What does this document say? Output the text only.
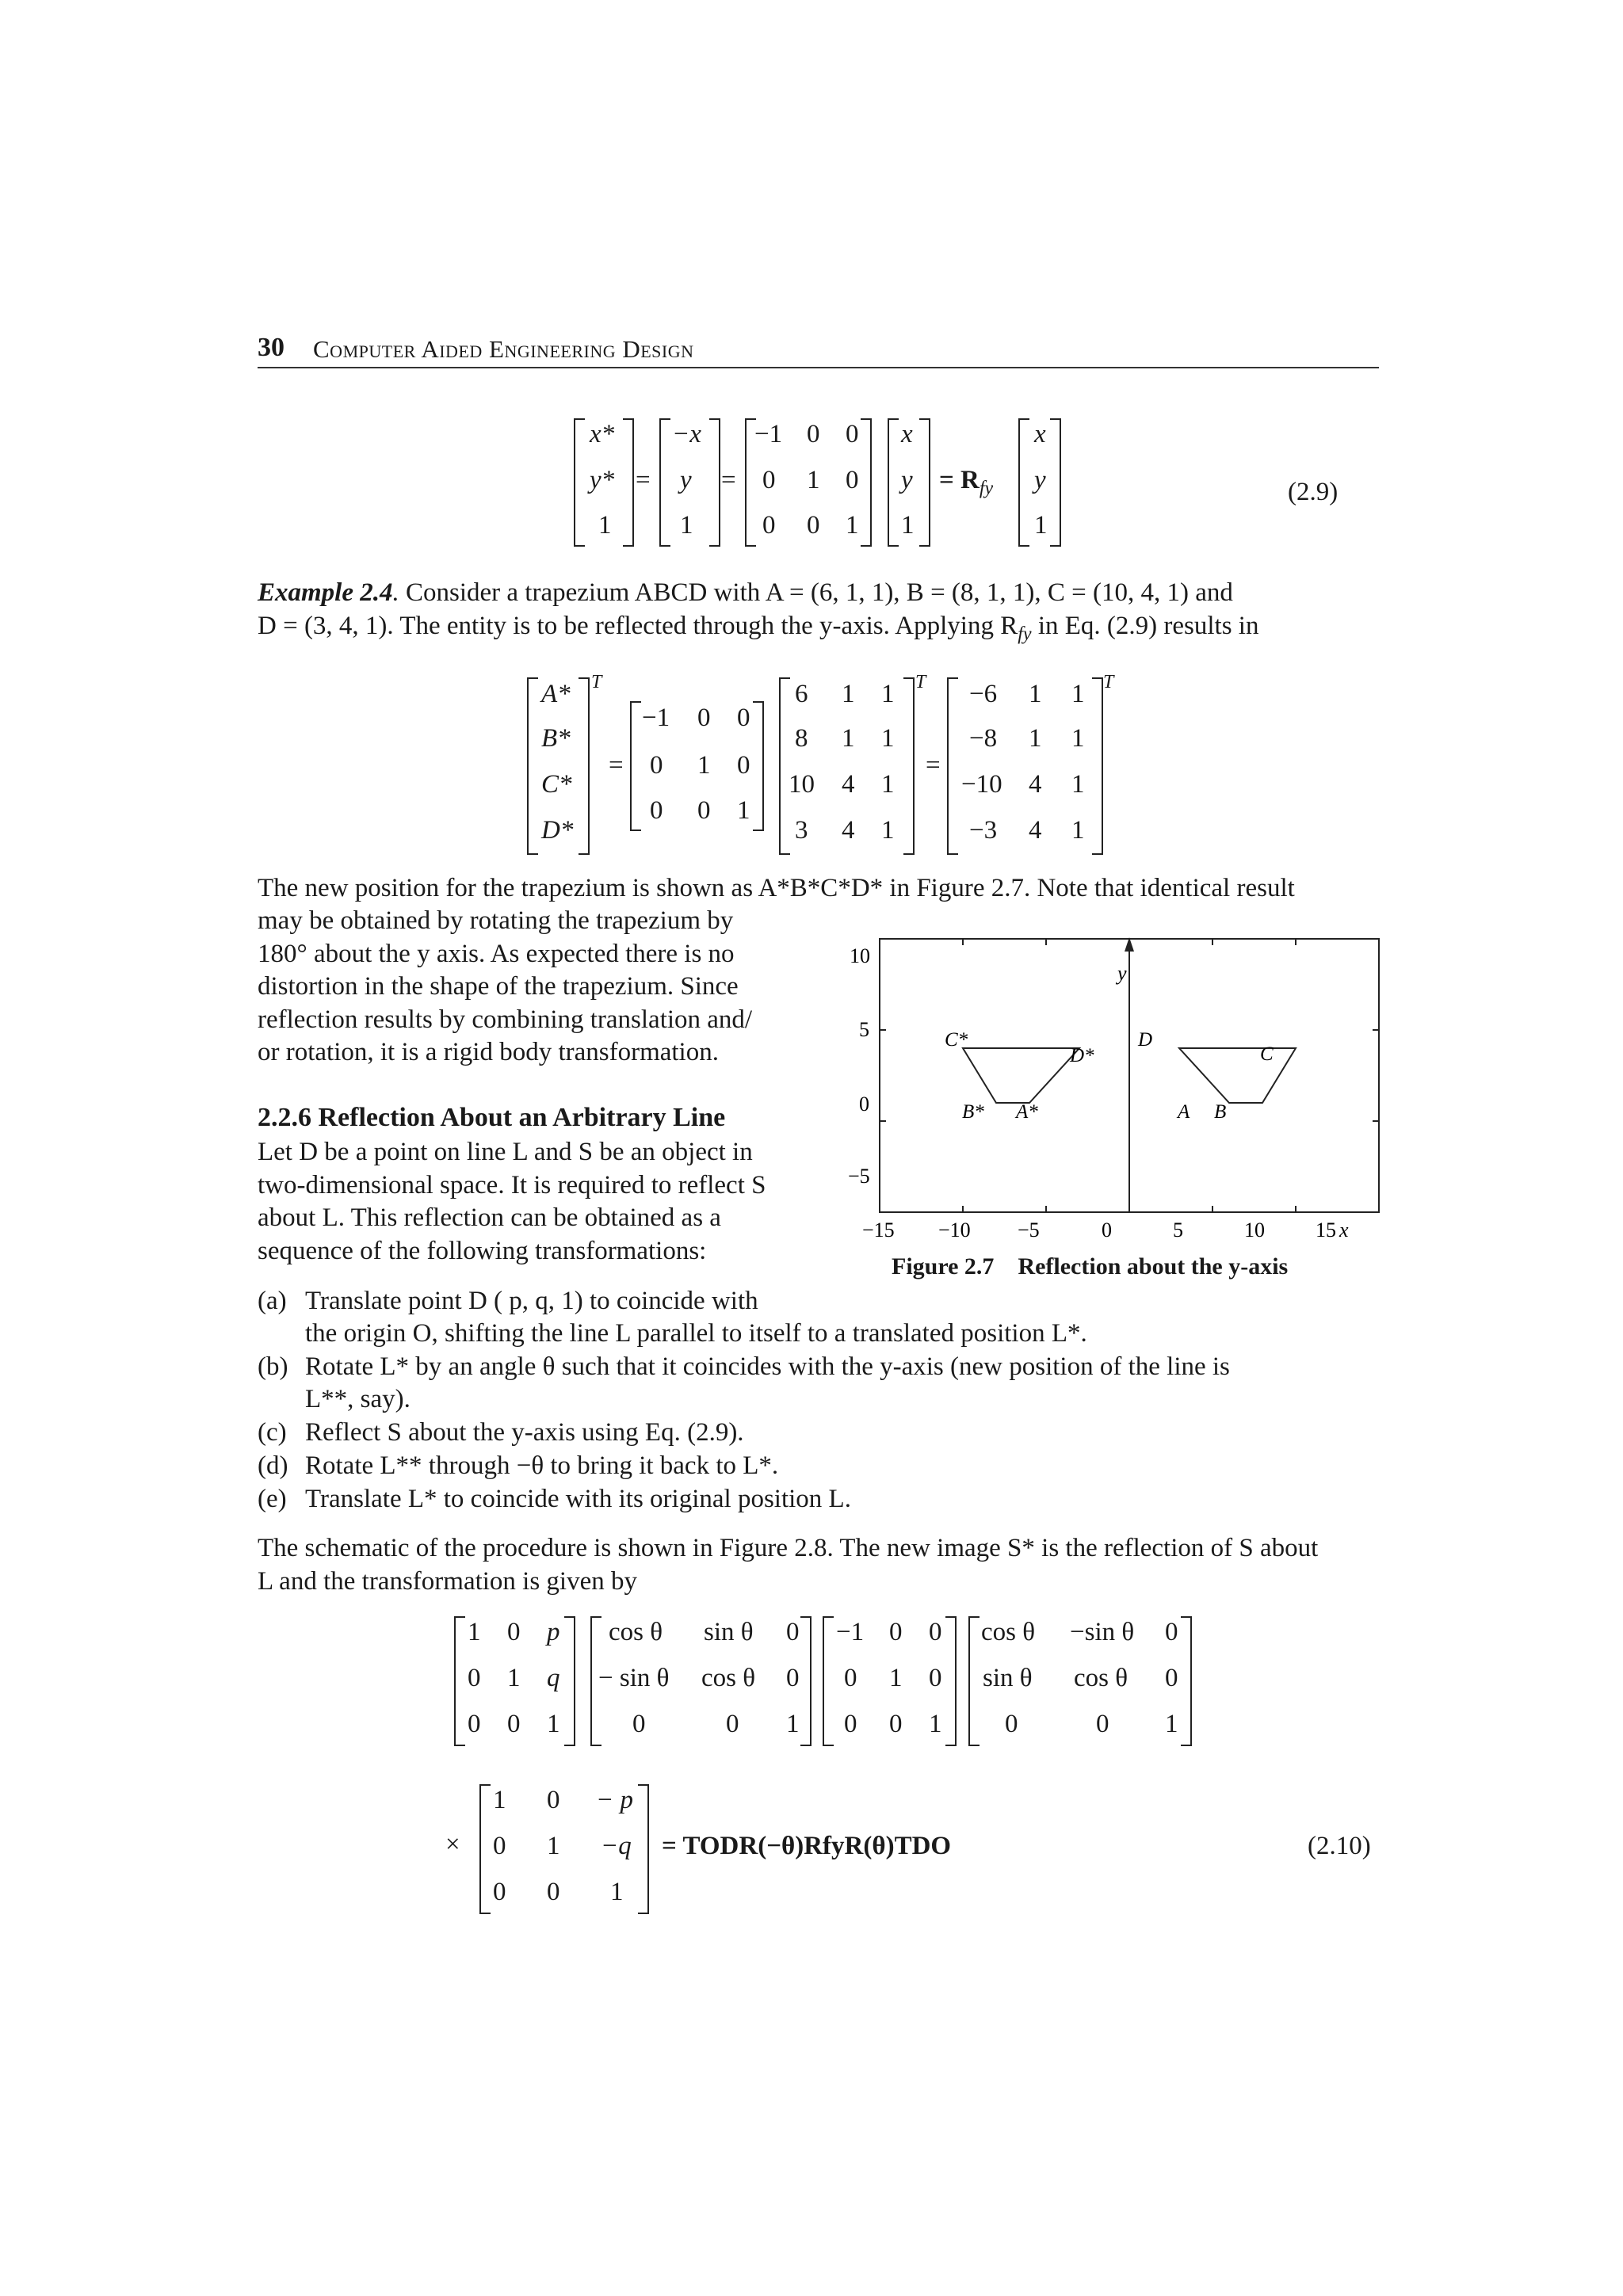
30 Computer Aided Engineering Design
x*
y*
1
=
−x
y
1
=
−1 0 0
0 1 0
0 0 1
x
y
1
= $R_{fy}$
x
y
1
(2.9)
Example 2.4. Consider a trapezium ABCD with A = (6, 1, 1), B = (8, 1, 1), C = (10, 4, 1) and
D = (3, 4, 1). The entity is to be reflected through the y-axis. Applying $R_{fy}$ in Eq. (2.9) results in
A*
B*
C*
D*
T
=
−1 0 0
0 1 0
0 0 1
6 1 1
8 1 1
10 4 1
3 4 1
T
=
−6 1 1
−8 1 1
−10 4 1
−3 4 1
T
The new position for the trapezium is shown as A*B*C*D* in Figure 2.7. Note that identical result
may be obtained by rotating the trapezium by
180° about the y axis. As expected there is no
distortion in the shape of the trapezium. Since
reflection results by combining translation and/
or rotation, it is a rigid body transformation.
2.2.6 Reflection About an Arbitrary Line
Let D be a point on line L and S be an object in
two-dimensional space. It is required to reflect S
about L. This reflection can be obtained as a
sequence of the following transformations:
10
5
0
−5
−15 −10 −5	0	5	10 15 x
y
C*
D*
B* A*
D
C
A B
Figure 2.7 Reflection about the y-axis
(a) Translate point D ( p, q, 1) to coincide with
the origin O, shifting the line L parallel to itself to a translated position L*.
(b) Rotate L* by an angle θ such that it coincides with the y-axis (new position of the line is
L**, say).
(c) Reflect S about the y-axis using Eq. (2.9).
(d) Rotate L** through −θ to bring it back to L*.
(e) Translate L* to coincide with its original position L.
The schematic of the procedure is shown in Figure 2.8. The new image S* is the reflection of S about
L and the transformation is given by
1 0 p
0 1 q
0 0 1
cos θ sin θ 0
− sin θ cos θ 0
0	0 1
−1 0 0
0 1 0
0 0 1
cos θ −sin θ 0
sin θ cos θ 0
0	0 1
×
1 0 − p
0 1 −q
0 0 1
= TODR(−θ)RfyR(θ)TDO	(2.10)
